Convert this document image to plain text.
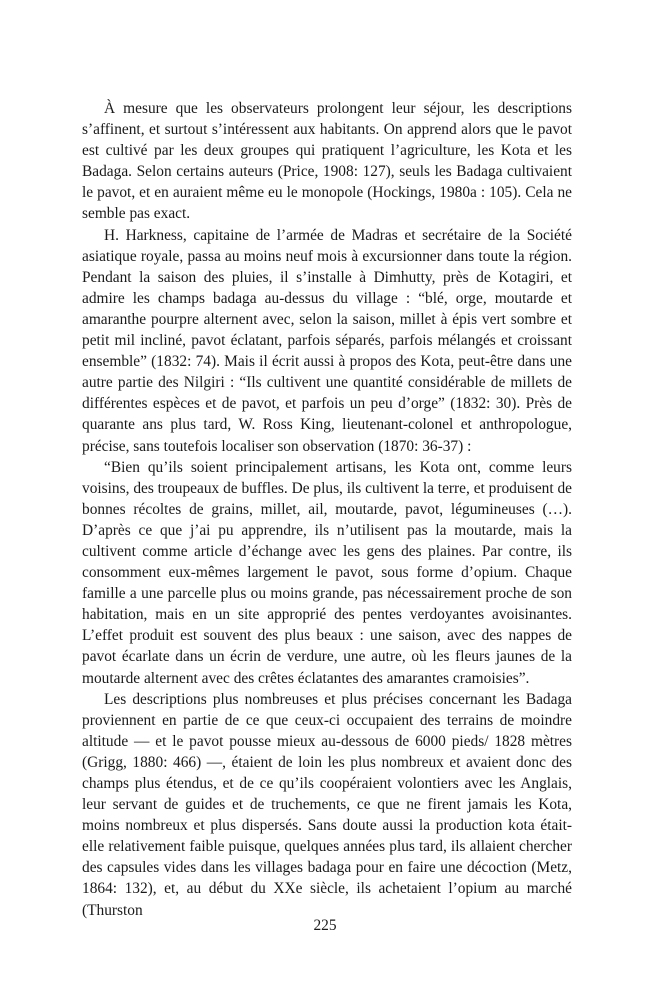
À mesure que les observateurs prolongent leur séjour, les descriptions s’affinent, et surtout s’intéressent aux habitants. On apprend alors que le pavot est cultivé par les deux groupes qui pratiquent l’agriculture, les Kota et les Badaga. Selon certains auteurs (Price, 1908: 127), seuls les Badaga cultivaient le pavot, et en auraient même eu le monopole (Hockings, 1980a : 105). Cela ne semble pas exact.

H. Harkness, capitaine de l’armée de Madras et secrétaire de la Société asiatique royale, passa au moins neuf mois à excursionner dans toute la région. Pendant la saison des pluies, il s’installe à Dimhutty, près de Kotagiri, et admire les champs badaga au-dessus du village : “blé, orge, moutarde et amaranthe pourpre alternent avec, selon la saison, millet à épis vert sombre et petit mil incliné, pavot éclatant, parfois séparés, parfois mélangés et croissant ensemble” (1832: 74). Mais il écrit aussi à propos des Kota, peut-être dans une autre partie des Nilgiri : “Ils cultivent une quantité considérable de millets de différentes espèces et de pavot, et parfois un peu d’orge” (1832: 30). Près de quarante ans plus tard, W. Ross King, lieutenant-colonel et anthropologue, précise, sans toutefois localiser son observation (1870: 36-37) :

“Bien qu’ils soient principalement artisans, les Kota ont, comme leurs voisins, des troupeaux de buffles. De plus, ils cultivent la terre, et produisent de bonnes récoltes de grains, millet, ail, moutarde, pavot, légumineuses (…). D’après ce que j’ai pu apprendre, ils n’utilisent pas la moutarde, mais la cultivent comme article d’échange avec les gens des plaines. Par contre, ils consomment eux-mêmes largement le pavot, sous forme d’opium. Chaque famille a une parcelle plus ou moins grande, pas nécessairement proche de son habitation, mais en un site approprié des pentes verdoyantes avoisinantes. L’effet produit est souvent des plus beaux : une saison, avec des nappes de pavot écarlate dans un écrin de verdure, une autre, où les fleurs jaunes de la moutarde alternent avec des crêtes éclatantes des amarantes cramoisies”.

Les descriptions plus nombreuses et plus précises concernant les Badaga proviennent en partie de ce que ceux-ci occupaient des terrains de moindre altitude — et le pavot pousse mieux au-dessous de 6000 pieds/ 1828 mètres (Grigg, 1880: 466) —, étaient de loin les plus nombreux et avaient donc des champs plus étendus, et de ce qu’ils coopéraient volontiers avec les Anglais, leur servant de guides et de truchements, ce que ne firent jamais les Kota, moins nombreux et plus dispersés. Sans doute aussi la production kota était-elle relativement faible puisque, quelques années plus tard, ils allaient chercher des capsules vides dans les villages badaga pour en faire une décoction (Metz, 1864: 132), et, au début du XXe siècle, ils achetaient l’opium au marché (Thurston

225
